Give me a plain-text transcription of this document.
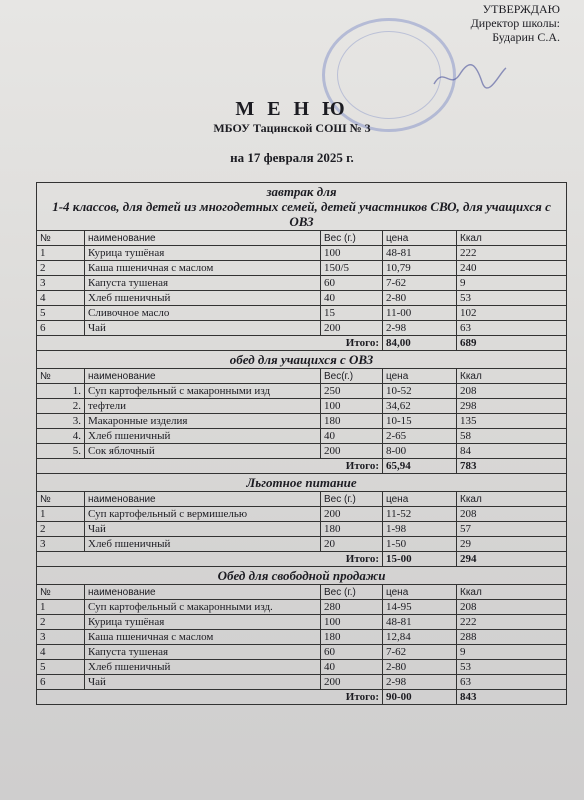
УТВЕРЖДАЮ
Директор школы:
Бударин С.А.
М Е Н Ю
МБОУ Тацинской СОШ № 3
на 17 февраля 2025 г.
завтрак для
1-4 классов, для детей из многодетных семей, детей участников СВО, для учащихся с ОВЗ				
№	наименование	Вес (г.)	цена	Ккал
1	Курица тушёная	100	48-81	222
2	Каша пшеничная с маслом	150/5	10,79	240
3	Капуста тушеная	60	7-62	9
4	Хлеб пшеничный	40	2-80	53
5	Сливочное масло	15	11-00	102
6	Чай	200	2-98	63
Итого:			84,00	689
обед для учащихся с ОВЗ				
№	наименование	Вес(г.)	цена	Ккал
1.	Суп картофельный с макаронными изд	250	10-52	208
2.	тефтели	100	34,62	298
3.	Макаронные изделия	180	10-15	135
4.	Хлеб пшеничный	40	2-65	58
5.	Сок яблочный	200	8-00	84
Итого:			65,94	783
Льготное питание				
№	наименование	Вес (г.)	цена	Ккал
1	Суп картофельный с вермишелью	200	11-52	208
2	Чай	180	1-98	57
3	Хлеб пшеничный	20	1-50	29
Итого:			15-00	294
Обед для свободной продажи				
№	наименование	Вес (г.)	цена	Ккал
1	Суп картофельный с макаронными изд.	280	14-95	208
2	Курица тушёная	100	48-81	222
3	Каша пшеничная с маслом	180	12,84	288
4	Капуста тушеная	60	7-62	9
5	Хлеб пшеничный	40	2-80	53
6	Чай	200	2-98	63
Итого:			90-00	843
